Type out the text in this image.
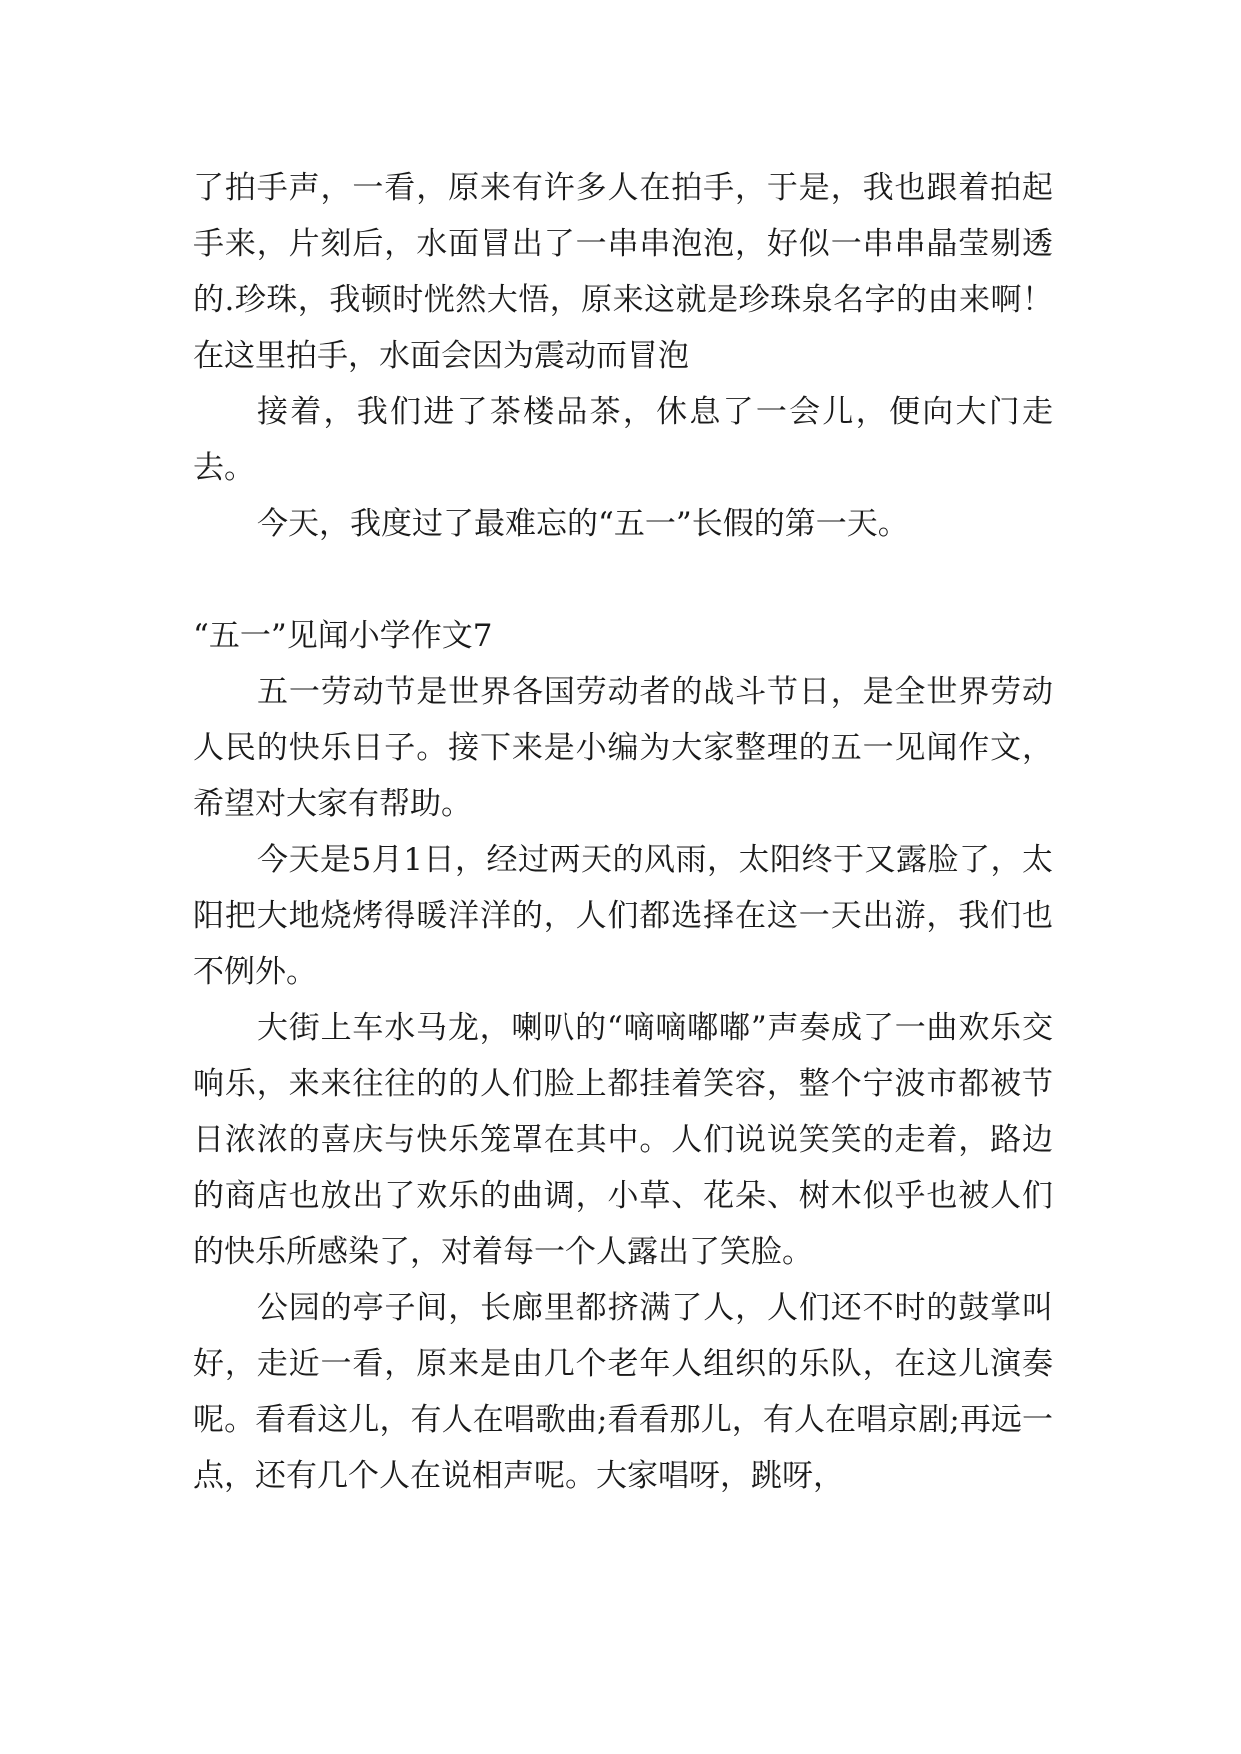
了拍手声，一看，原来有许多人在拍手，于是，我也跟着拍起手来，片刻后，水面冒出了一串串泡泡，好似一串串晶莹剔透的.珍珠，我顿时恍然大悟，原来这就是珍珠泉名字的由来啊！在这里拍手，水面会因为震动而冒泡

接着，我们进了茶楼品茶，休息了一会儿，便向大门走去。

今天，我度过了最难忘的“五一”长假的第一天。

“五一”见闻小学作文7

五一劳动节是世界各国劳动者的战斗节日，是全世界劳动人民的快乐日子。接下来是小编为大家整理的五一见闻作文，希望对大家有帮助。

今天是5月1日，经过两天的风雨，太阳终于又露脸了，太阳把大地烧烤得暖洋洋的，人们都选择在这一天出游，我们也不例外。

大街上车水马龙，喇叭的“嘀嘀嘟嘟”声奏成了一曲欢乐交响乐，来来往往的的人们脸上都挂着笑容，整个宁波市都被节日浓浓的喜庆与快乐笼罩在其中。人们说说笑笑的走着，路边的商店也放出了欢乐的曲调，小草、花朵、树木似乎也被人们的快乐所感染了，对着每一个人露出了笑脸。

公园的亭子间，长廊里都挤满了人，人们还不时的鼓掌叫好，走近一看，原来是由几个老年人组织的乐队，在这儿演奏呢。看看这儿，有人在唱歌曲;看看那儿，有人在唱京剧;再远一点，还有几个人在说相声呢。大家唱呀，跳呀，
